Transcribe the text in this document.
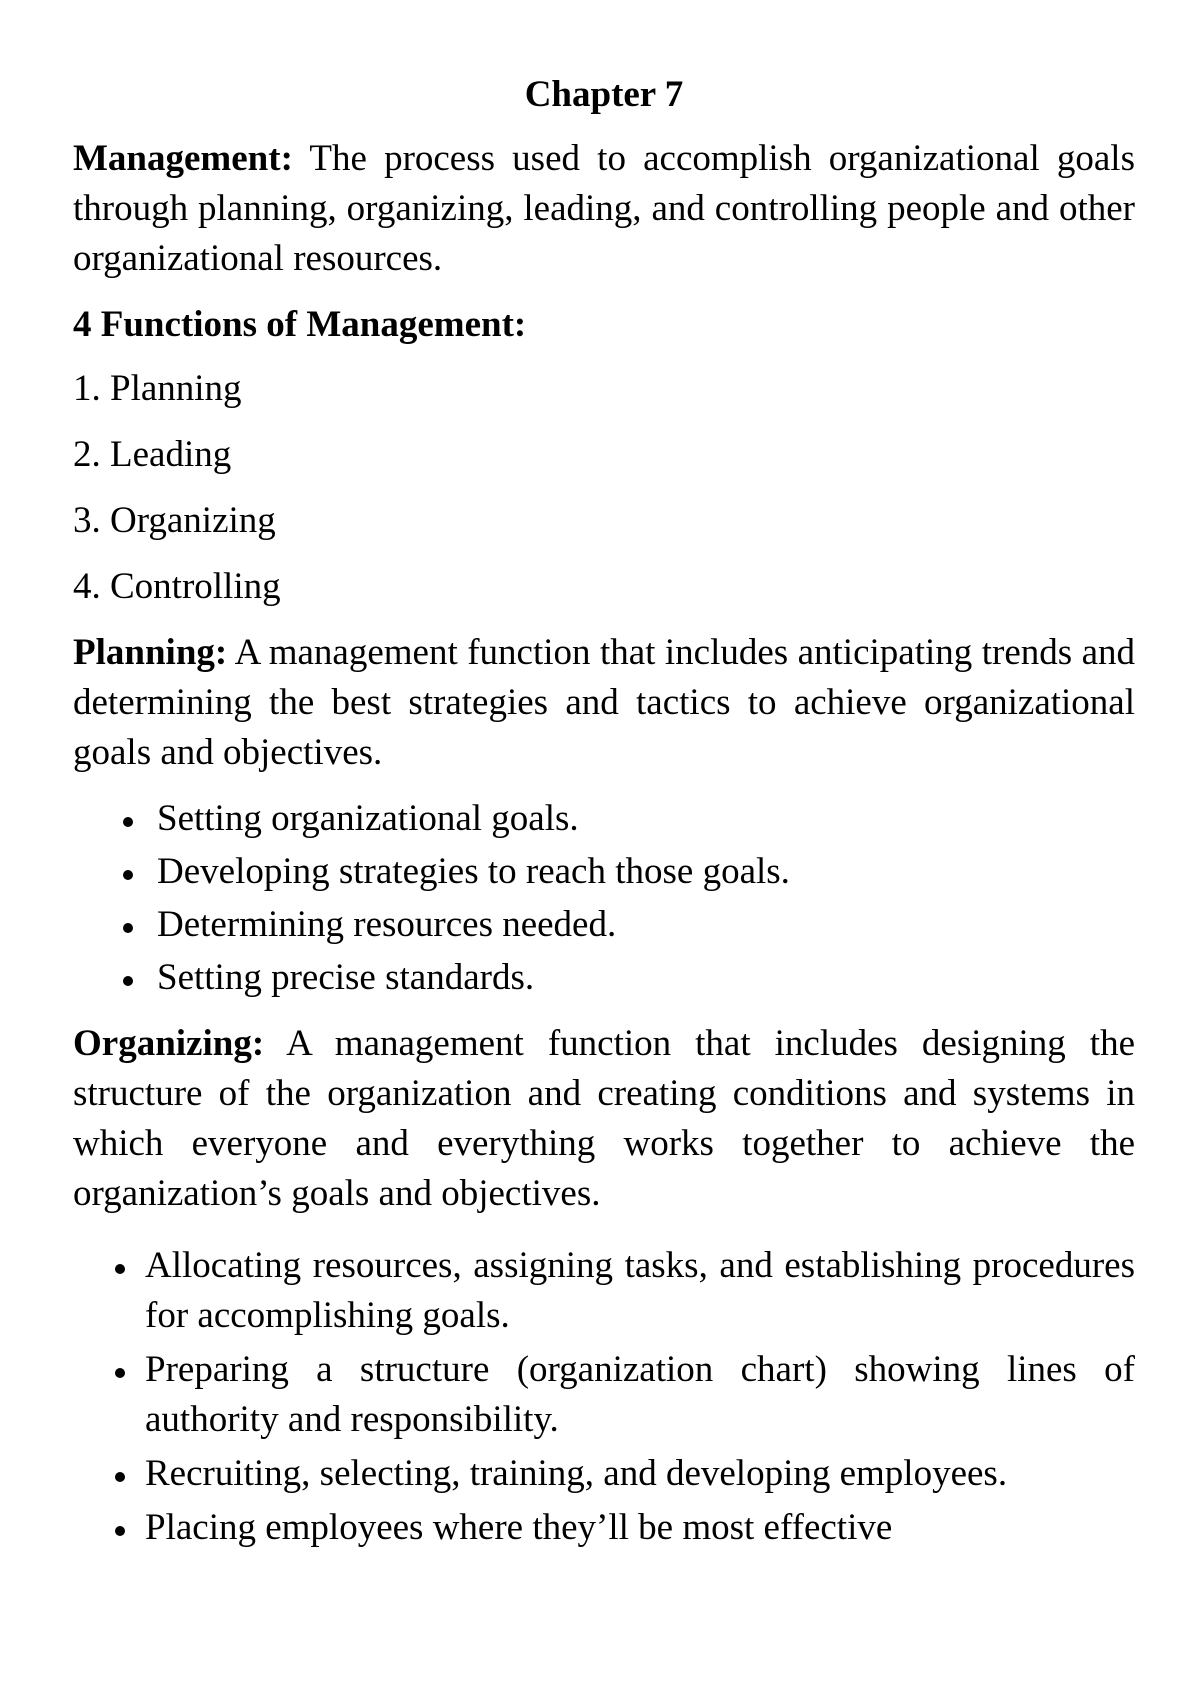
Chapter 7

Management: The process used to accomplish organizational goals through planning, organizing, leading, and controlling people and other organizational resources.

4 Functions of Management:
1. Planning
2. Leading
3. Organizing
4. Controlling

Planning: A management function that includes anticipating trends and determining the best strategies and tactics to achieve organizational goals and objectives.

Setting organizational goals.
Developing strategies to reach those goals.
Determining resources needed.
Setting precise standards.

Organizing: A management function that includes designing the structure of the organization and creating conditions and systems in which everyone and everything works together to achieve the organization’s goals and objectives.

Allocating resources, assigning tasks, and establishing procedures for accomplishing goals.
Preparing a structure (organization chart) showing lines of authority and responsibility.
Recruiting, selecting, training, and developing employees.
Placing employees where they’ll be most effective
